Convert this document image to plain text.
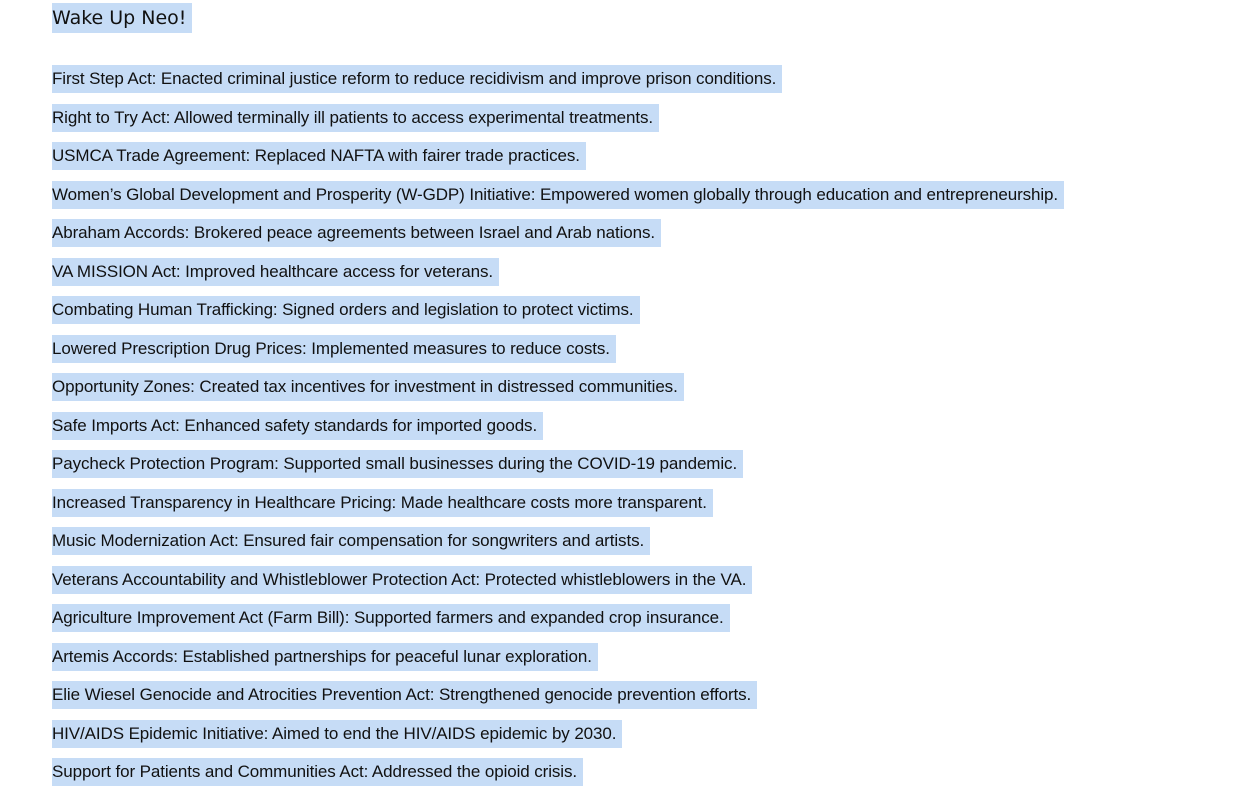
Wake Up Neo!
First Step Act: Enacted criminal justice reform to reduce recidivism and improve prison conditions.
Right to Try Act: Allowed terminally ill patients to access experimental treatments.
USMCA Trade Agreement: Replaced NAFTA with fairer trade practices.
Women’s Global Development and Prosperity (W-GDP) Initiative: Empowered women globally through education and entrepreneurship.
Abraham Accords: Brokered peace agreements between Israel and Arab nations.
VA MISSION Act: Improved healthcare access for veterans.
Combating Human Trafficking: Signed orders and legislation to protect victims.
Lowered Prescription Drug Prices: Implemented measures to reduce costs.
Opportunity Zones: Created tax incentives for investment in distressed communities.
Safe Imports Act: Enhanced safety standards for imported goods.
Paycheck Protection Program: Supported small businesses during the COVID-19 pandemic.
Increased Transparency in Healthcare Pricing: Made healthcare costs more transparent.
Music Modernization Act: Ensured fair compensation for songwriters and artists.
Veterans Accountability and Whistleblower Protection Act: Protected whistleblowers in the VA.
Agriculture Improvement Act (Farm Bill): Supported farmers and expanded crop insurance.
Artemis Accords: Established partnerships for peaceful lunar exploration.
Elie Wiesel Genocide and Atrocities Prevention Act: Strengthened genocide prevention efforts.
HIV/AIDS Epidemic Initiative: Aimed to end the HIV/AIDS epidemic by 2030.
Support for Patients and Communities Act: Addressed the opioid crisis.
